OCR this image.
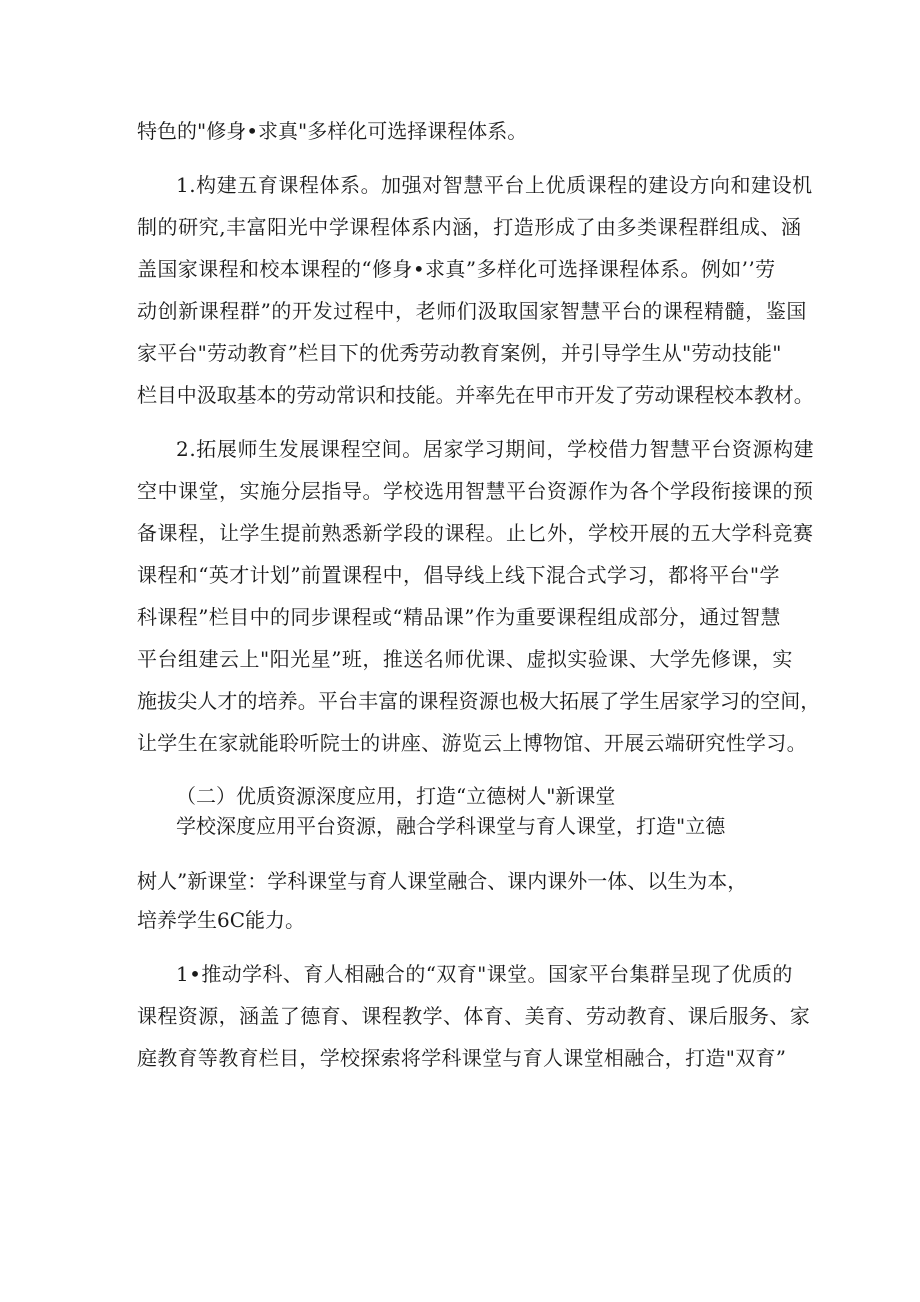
特色的"修身•求真"多样化可选择课程体系。
1.构建五育课程体系。加强对智慧平台上优质课程的建设方向和建设机
制的研究,丰富阳光中学课程体系内涵，打造形成了由多类课程群组成、涵
盖国家课程和校本课程的“修身•求真”多样化可选择课程体系。例如’’劳
动创新课程群”的开发过程中，老师们汲取国家智慧平台的课程精髓，鉴国
家平台"劳动教育”栏目下的优秀劳动教育案例，并引导学生从"劳动技能"
栏目中汲取基本的劳动常识和技能。并率先在甲市开发了劳动课程校本教材。
2.拓展师生发展课程空间。居家学习期间，学校借力智慧平台资源构建
空中课堂，实施分层指导。学校选用智慧平台资源作为各个学段衔接课的预
备课程，让学生提前熟悉新学段的课程。止匕外，学校开展的五大学科竞赛
课程和“英才计划”前置课程中，倡导线上线下混合式学习，都将平台"学
科课程”栏目中的同步课程或“精品课”作为重要课程组成部分，通过智慧
平台组建云上"阳光星”班，推送名师优课、虚拟实验课、大学先修课，实
施拔尖人才的培养。平台丰富的课程资源也极大拓展了学生居家学习的空间，
让学生在家就能聆听院士的讲座、游览云上博物馆、开展云端研究性学习。
（二）优质资源深度应用，打造“立德树人"新课堂
学校深度应用平台资源，融合学科课堂与育人课堂，打造"立德
树人”新课堂：学科课堂与育人课堂融合、课内课外一体、以生为本，
培养学生6C能力。
1•推动学科、育人相融合的“双育"课堂。国家平台集群呈现了优质的
课程资源，涵盖了德育、课程教学、体育、美育、劳动教育、课后服务、家
庭教育等教育栏目，学校探索将学科课堂与育人课堂相融合，打造"双育”
